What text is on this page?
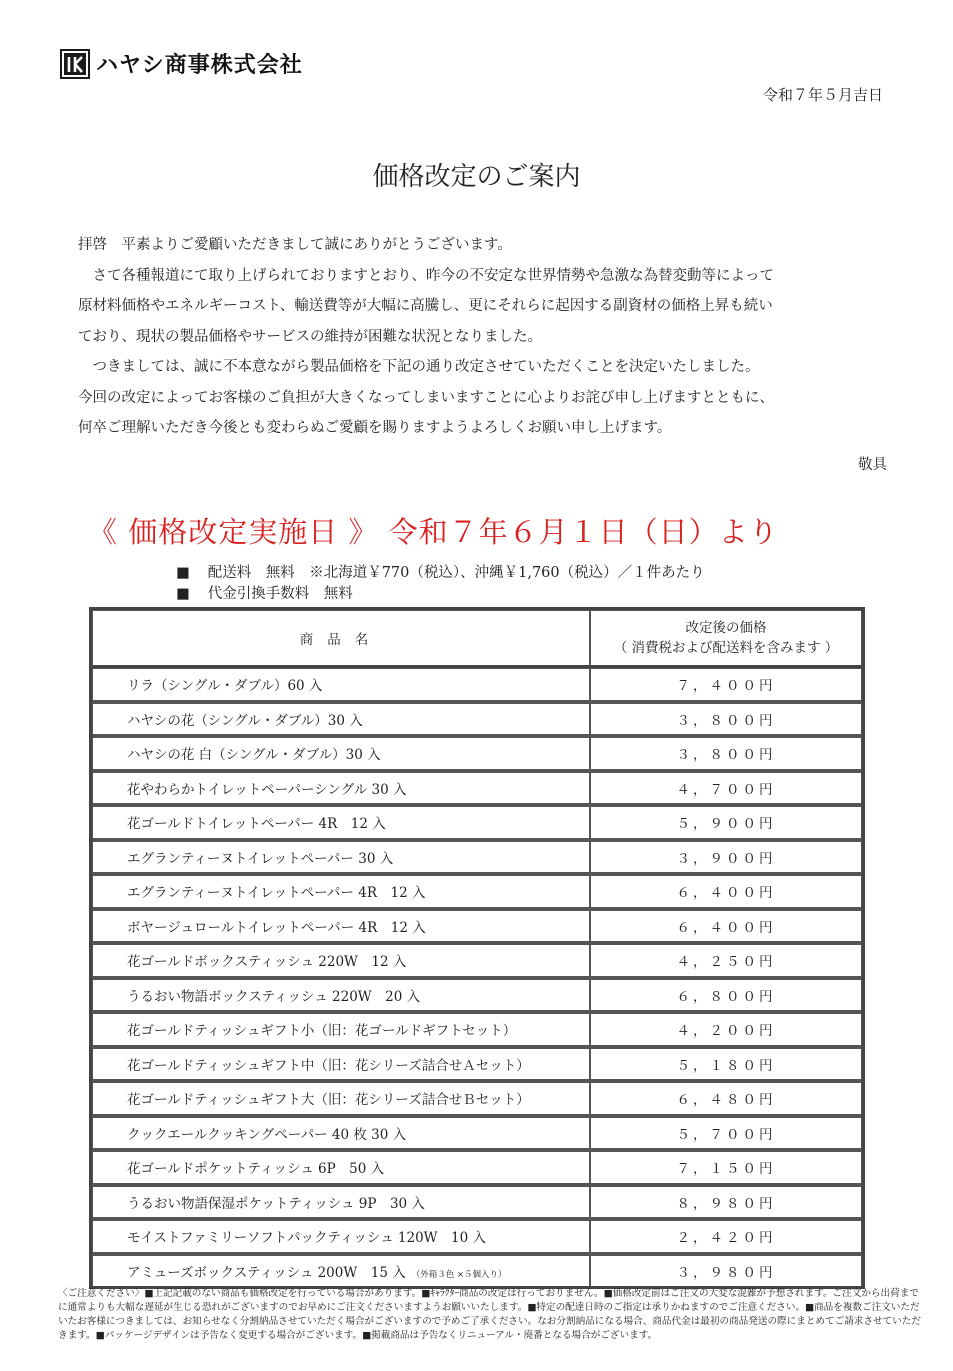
ハヤシ商事株式会社
令和７年５月吉日
価格改定のご案内

拝啓　平素よりご愛顧いただきまして誠にありがとうございます。

　さて各種報道にて取り上げられておりますとおり、昨今の不安定な世界情勢や急激な為替変動等によって

原材料価格やエネルギーコスト、輸送費等が大幅に高騰し、更にそれらに起因する副資材の価格上昇も続い

ており、現状の製品価格やサービスの維持が困難な状況となりました。

　つきましては、誠に不本意ながら製品価格を下記の通り改定させていただくことを決定いたしました。

今回の改定によってお客様のご負担が大きくなってしまいますことに心よりお詫び申し上げますとともに、

何卒ご理解いただき今後とも変わらぬご愛顧を賜りますようよろしくお願い申し上げます。

敬具
《 価格改定実施日 》 令和７年６月１日（日）より
■ 配送料　無料　※北海道￥770（税込）、沖縄￥1,760（税込）／１件あたり
■ 代金引換手数料　無料
商品名	改定後の価格
（ 消費税および配送料を含みます ）

リラ（シングル・ダブル）60 入	７，４００円
ハヤシの花（シングル・ダブル）30 入	３，８００円
ハヤシの花 白（シングル・ダブル）30 入	３，８００円
花やわらかトイレットペーパーシングル 30 入	４，７００円
花ゴールドトイレットペーパー 4R　12 入	５，９００円
エグランティーヌトイレットペーパー 30 入	３，９００円
エグランティーヌトイレットペーパー 4R　12 入	６，４００円
ボヤージュロールトイレットペーパー 4R　12 入	６，４００円
花ゴールドボックスティッシュ 220W　12 入	４，２５０円
うるおい物語ボックスティッシュ 220W　20 入	６，８００円
花ゴールドティッシュギフト小（旧：花ゴールドギフトセット）	４，２００円
花ゴールドティッシュギフト中（旧：花シリーズ詰合せＡセット）	５，１８０円
花ゴールドティッシュギフト大（旧：花シリーズ詰合せＢセット）	６，４８０円
クックエールクッキングペーパー 40 枚 30 入	５，７００円
花ゴールドポケットティッシュ 6P　50 入	７，１５０円
うるおい物語保湿ポケットティッシュ 9P　30 入	８，９８０円
モイストファミリーソフトパックティッシュ 120W　10 入	２，４２０円
アミューズボックスティッシュ 200W　15 入 （外箱３色 ×５個入り）	３，９８０円
〈ご注意ください〉■上記記載のない商品も価格改定を行っている場合があります。■ｷｬﾗｸﾀｰ商品の改定は行っておりません。■価格改定前はご注文の大変な混雑が予想されます。ご注文から出荷までに通常よりも大幅な遅延が生じる恐れがございますのでお早めにご注文くださいますようお願いいたします。■特定の配達日時のご指定は承りかねますのでご注意ください。■商品を複数ご注文いただいたお客様につきましては、お知らせなく分割納品させていただく場合がございますので予めご了承ください。なお分割納品になる場合、商品代金は最初の商品発送の際にまとめてご請求させていただきます。■パッケージデザインは予告なく変更する場合がございます。■掲載商品は予告なくリニューアル・廃番となる場合がございます。
